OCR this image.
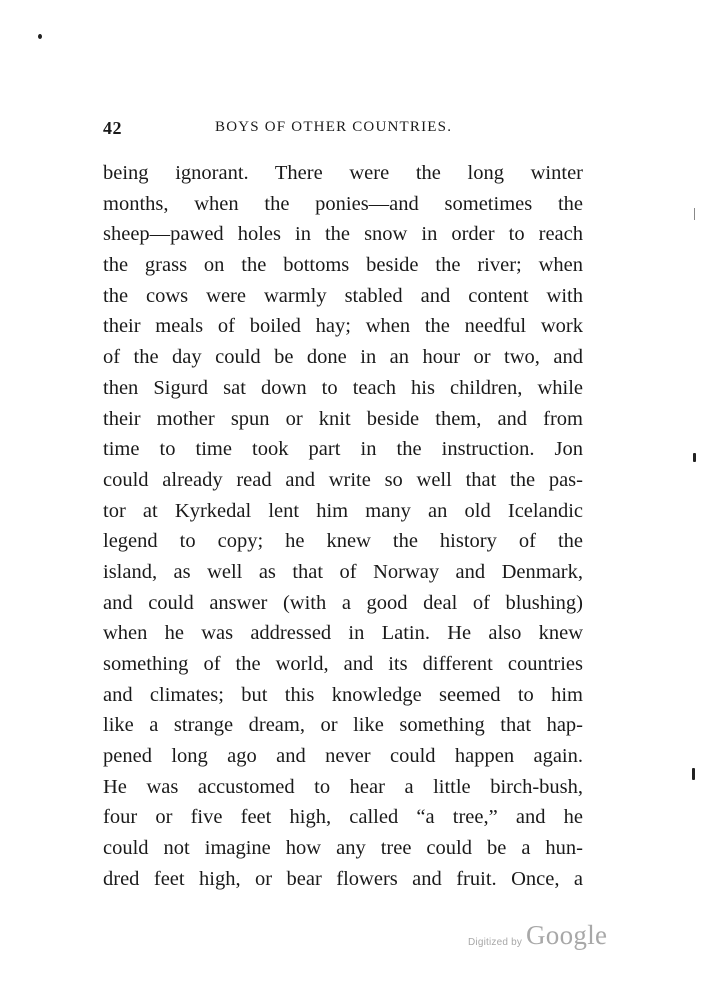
42	BOYS OF OTHER COUNTRIES.
being ignorant. There were the long winter
months, when the ponies—and sometimes the
sheep—pawed holes in the snow in order to reach
the grass on the bottoms beside the river; when
the cows were warmly stabled and content with
their meals of boiled hay; when the needful work
of the day could be done in an hour or two, and
then Sigurd sat down to teach his children, while
their mother spun or knit beside them, and from
time to time took part in the instruction. Jon
could already read and write so well that the pas-
tor at Kyrkedal lent him many an old Icelandic
legend to copy; he knew the history of the
island, as well as that of Norway and Denmark,
and could answer (with a good deal of blushing)
when he was addressed in Latin. He also knew
something of the world, and its different countries
and climates; but this knowledge seemed to him
like a strange dream, or like something that hap-
pened long ago and never could happen again.
He was accustomed to hear a little birch-bush,
four or five feet high, called “a tree,” and he
could not imagine how any tree could be a hun-
dred feet high, or bear flowers and fruit. Once, a
Digitized by Google
